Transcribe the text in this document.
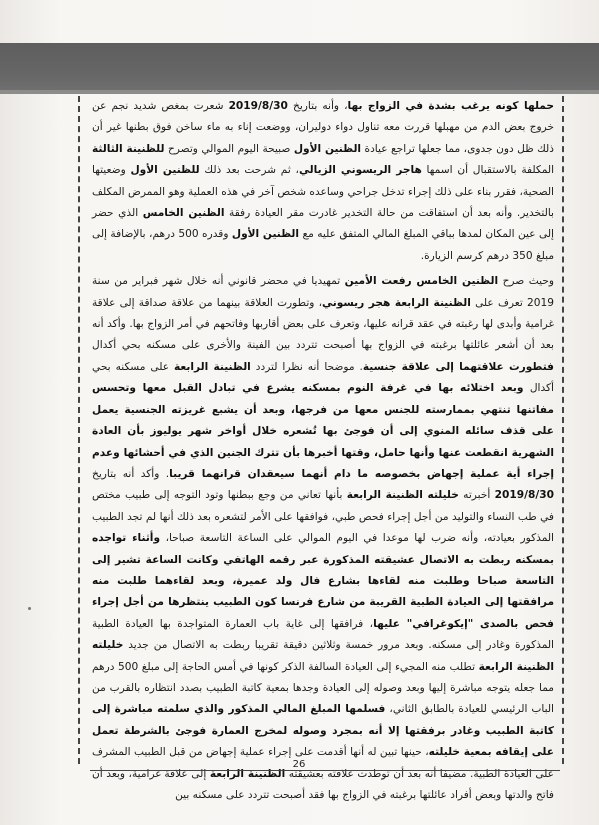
حملها كونه يرغب بشدة في الزواج بها، وأنه بتاريخ 2019/8/30 شعرت بمغص شديد نجم عن خروج بعض الدم من مهبلها قررت معه تناول دواء دوليران، ووضعت إناء به ماء ساخن فوق بطنها غير أن ذلك ظل دون جدوى، مما جعلها تراجع عيادة الظنين الأول صبيحة اليوم الموالي وتصرح للظنينة الثالثة المكلفة بالاستقبال أن اسمها هاجر الريسوني الزيالي، ثم شرحت بعد ذلك للظنين الأول وضعيتها الصحية، فقرر بناء على ذلك إجراء تدخل جراحي وساعده شخص آخر في هذه العملية وهو الممرض المكلف بالتخدير. وأنه بعد أن استفاقت من حالة التخدير غادرت مقر العيادة رفقة الظنين الخامس الذي حضر إلى عين المكان لمدها بباقي المبلغ المالي المتفق عليه مع الظنين الأول وقدره 500 درهم، بالإضافة إلى مبلغ 350 درهم كرسم الزيارة.

وحيث صرح الظنين الخامس رفعت الأمين تمهيديا في محضر قانوني أنه خلال شهر فبراير من سنة 2019 تعرف على الظنينة الرابعة هجر ريسوني، وتطورت العلاقة بينهما من علاقة صداقة إلى علاقة غرامية وأبدى لها رغبته في عقد قرانه عليها، وتعرف على بعض أقاربها وفاتحهم في أمر الزواج بها. وأكد أنه بعد أن أشعر عائلتها برغبته في الزواج بها أصبحت تتردد بين الفينة والأخرى على مسكنه بحي أكدال فتطورت علاقتهما إلى علاقة جنسية. موضحا أنه نظرا لتردد الظنينة الرابعة على مسكنه بحي أكدال وبعد اختلائه بها في غرفة النوم بمسكنه يشرع في تبادل القبل معها وتحسس مفاتنها تنتهي بممارسته للجنس معها من فرجها، وبعد أن يشبع غريزته الجنسية يعمل على قذف سائله المنوي إلى أن فوجئ بها تُشعره خلال أواخر شهر يوليوز بأن العادة الشهرية انقطعت عنها وأنها حامل، وقتها أخبرها بأن تترك الجنين الذي في أحشائها وعدم إجراء أية عملية إجهاض بخصوصه ما دام أنهما سيعقدان قرانهما قريبا. وأكد أنه بتاريخ 2019/8/30 أخبرته خليلته الظنينة الرابعة بأنها تعاني من وجع ببطنها وتود التوجه إلى طبيب مختص في طب النساء والتوليد من أجل إجراء فحص طبي، فوافقها على الأمر لتشعره بعد ذلك أنها لم تجد الطبيب المذكور بعيادته، وأنه ضرب لها موعدا في اليوم الموالي على الساعة التاسعة صباحا، وأثناء تواجده بمسكنه ربطت به الاتصال عشيقته المذكورة عبر رقمه الهاتفي وكانت الساعة تشير إلى التاسعة صباحا وطلبت منه لقاءها بشارع فال ولد عميرة، وبعد لقاءهما طلبت منه مرافقتها إلى العيادة الطبية القريبة من شارع فرنسا كون الطبيب ينتظرها من أجل إجراء فحص بالصدى "إيكوغرافي" عليها، فرافقها إلى غاية باب العمارة المتواجدة بها العيادة الطبية المذكورة وغادر إلى مسكنه. وبعد مرور خمسة وثلاثين دقيقة تقريبا ربطت به الاتصال من جديد خليلته الظنينة الرابعة تطلب منه المجيء إلى العيادة السالفة الذكر كونها في أمس الحاجة إلى مبلغ 500 درهم مما جعله يتوجه مباشرة إليها وبعد وصوله إلى العيادة وجدها بمعية كاتبة الطبيب بصدد انتظاره بالقرب من الباب الرئيسي للعيادة بالطابق الثاني، فسلمها المبلغ المالي المذكور والذي سلمته مباشرة إلى كاتبة الطبيب وغادر برفقتها إلا أنه بمجرد وصوله لمخرج العمارة فوجئ بالشرطة تعمل على إيقافه بمعية خليلته، حينها تبين له أنها أقدمت على إجراء عملية إجهاض من قبل الطبيب المشرف على العيادة الطبية. مضيفا أنه بعد أن توطدت علاقته بعشيقته الظنينة الرابعة إلى علاقة غرامية، وبعد أن فاتح والدتها وبعض أفراد عائلتها برغبته في الزواج بها فقد أصبحت تتردد على مسكنه بين

26
